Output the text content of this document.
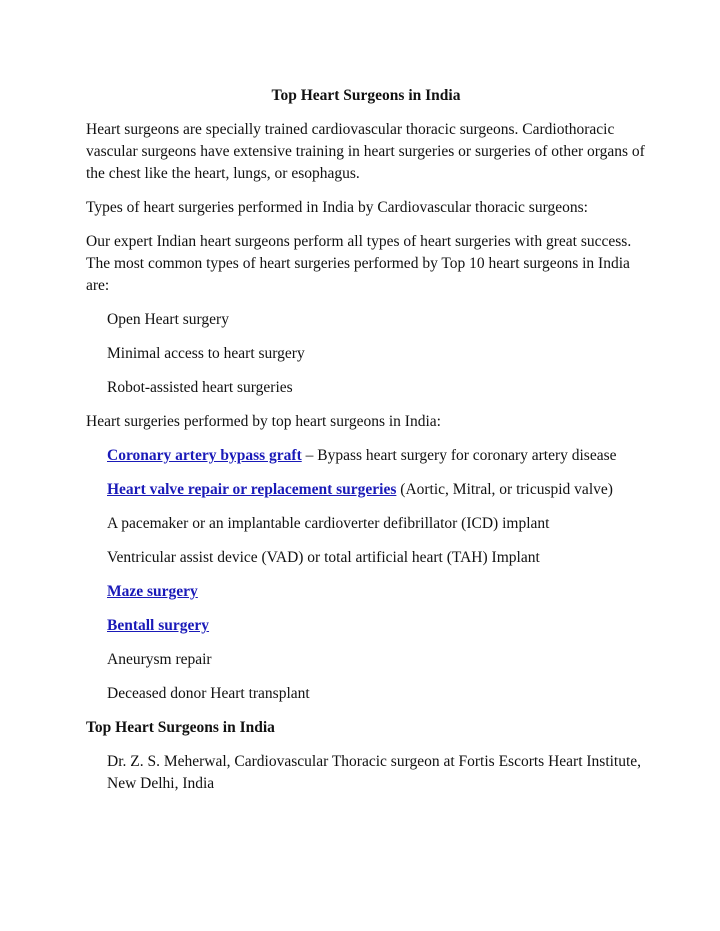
Top Heart Surgeons in India

Heart surgeons are specially trained cardiovascular thoracic surgeons. Cardiothoracic vascular surgeons have extensive training in heart surgeries or surgeries of other organs of the chest like the heart, lungs, or esophagus.

Types of heart surgeries performed in India by Cardiovascular thoracic surgeons:

Our expert Indian heart surgeons perform all types of heart surgeries with great success. The most common types of heart surgeries performed by Top 10 heart surgeons in India are:

Open Heart surgery

Minimal access to heart surgery

Robot-assisted heart surgeries

Heart surgeries performed by top heart surgeons in India:

Coronary artery bypass graft – Bypass heart surgery for coronary artery disease

Heart valve repair or replacement surgeries (Aortic, Mitral, or tricuspid valve)

A pacemaker or an implantable cardioverter defibrillator (ICD) implant

Ventricular assist device (VAD) or total artificial heart (TAH) Implant

Maze surgery

Bentall surgery

Aneurysm repair

Deceased donor Heart transplant

Top Heart Surgeons in India

Dr. Z. S. Meherwal, Cardiovascular Thoracic surgeon at Fortis Escorts Heart Institute, New Delhi, India
